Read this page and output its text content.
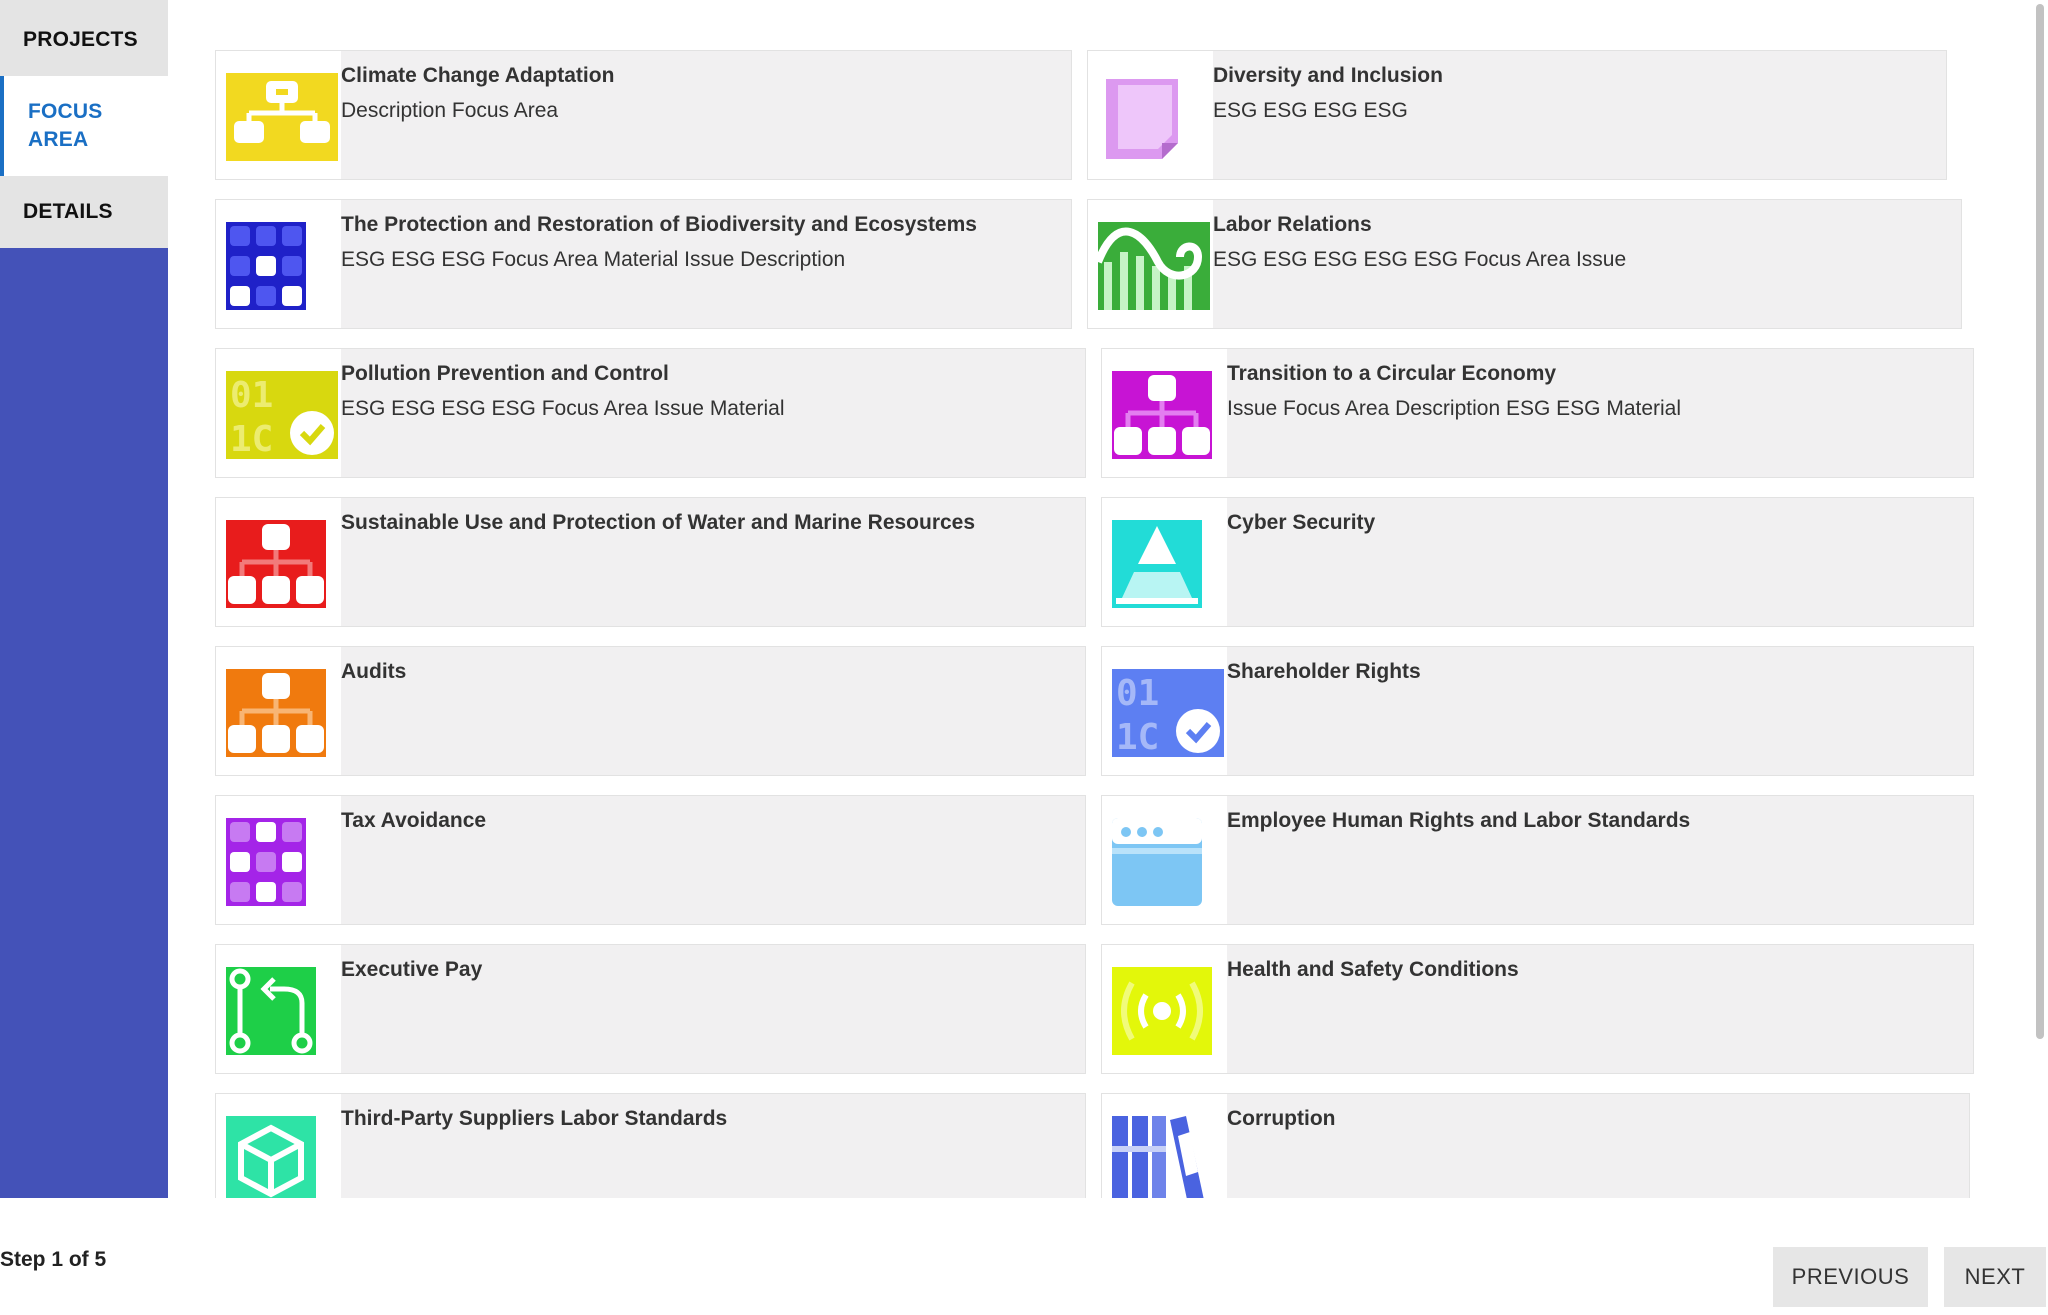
PROJECTS
FOCUS
AREA
DETAILS
Climate Change Adaptation
Description Focus Area
Diversity and Inclusion
ESG ESG ESG ESG
The Protection and Restoration of Biodiversity and Ecosystems
ESG ESG ESG Focus Area Material Issue Description
Labor Relations
ESG ESG ESG ESG ESG Focus Area Issue
01
1C
Pollution Prevention and Control
ESG ESG ESG ESG Focus Area Issue Material
Transition to a Circular Economy
Issue Focus Area Description ESG ESG Material
Sustainable Use and Protection of Water and Marine Resources	Cyber Security
Audits
01
1C
Shareholder Rights
Tax Avoidance	Employee Human Rights and Labor Standards
Executive Pay	Health and Safety Conditions
Third-Party Suppliers Labor Standards	Corruption
Step 1 of 5
PREVIOUS	NEXT
